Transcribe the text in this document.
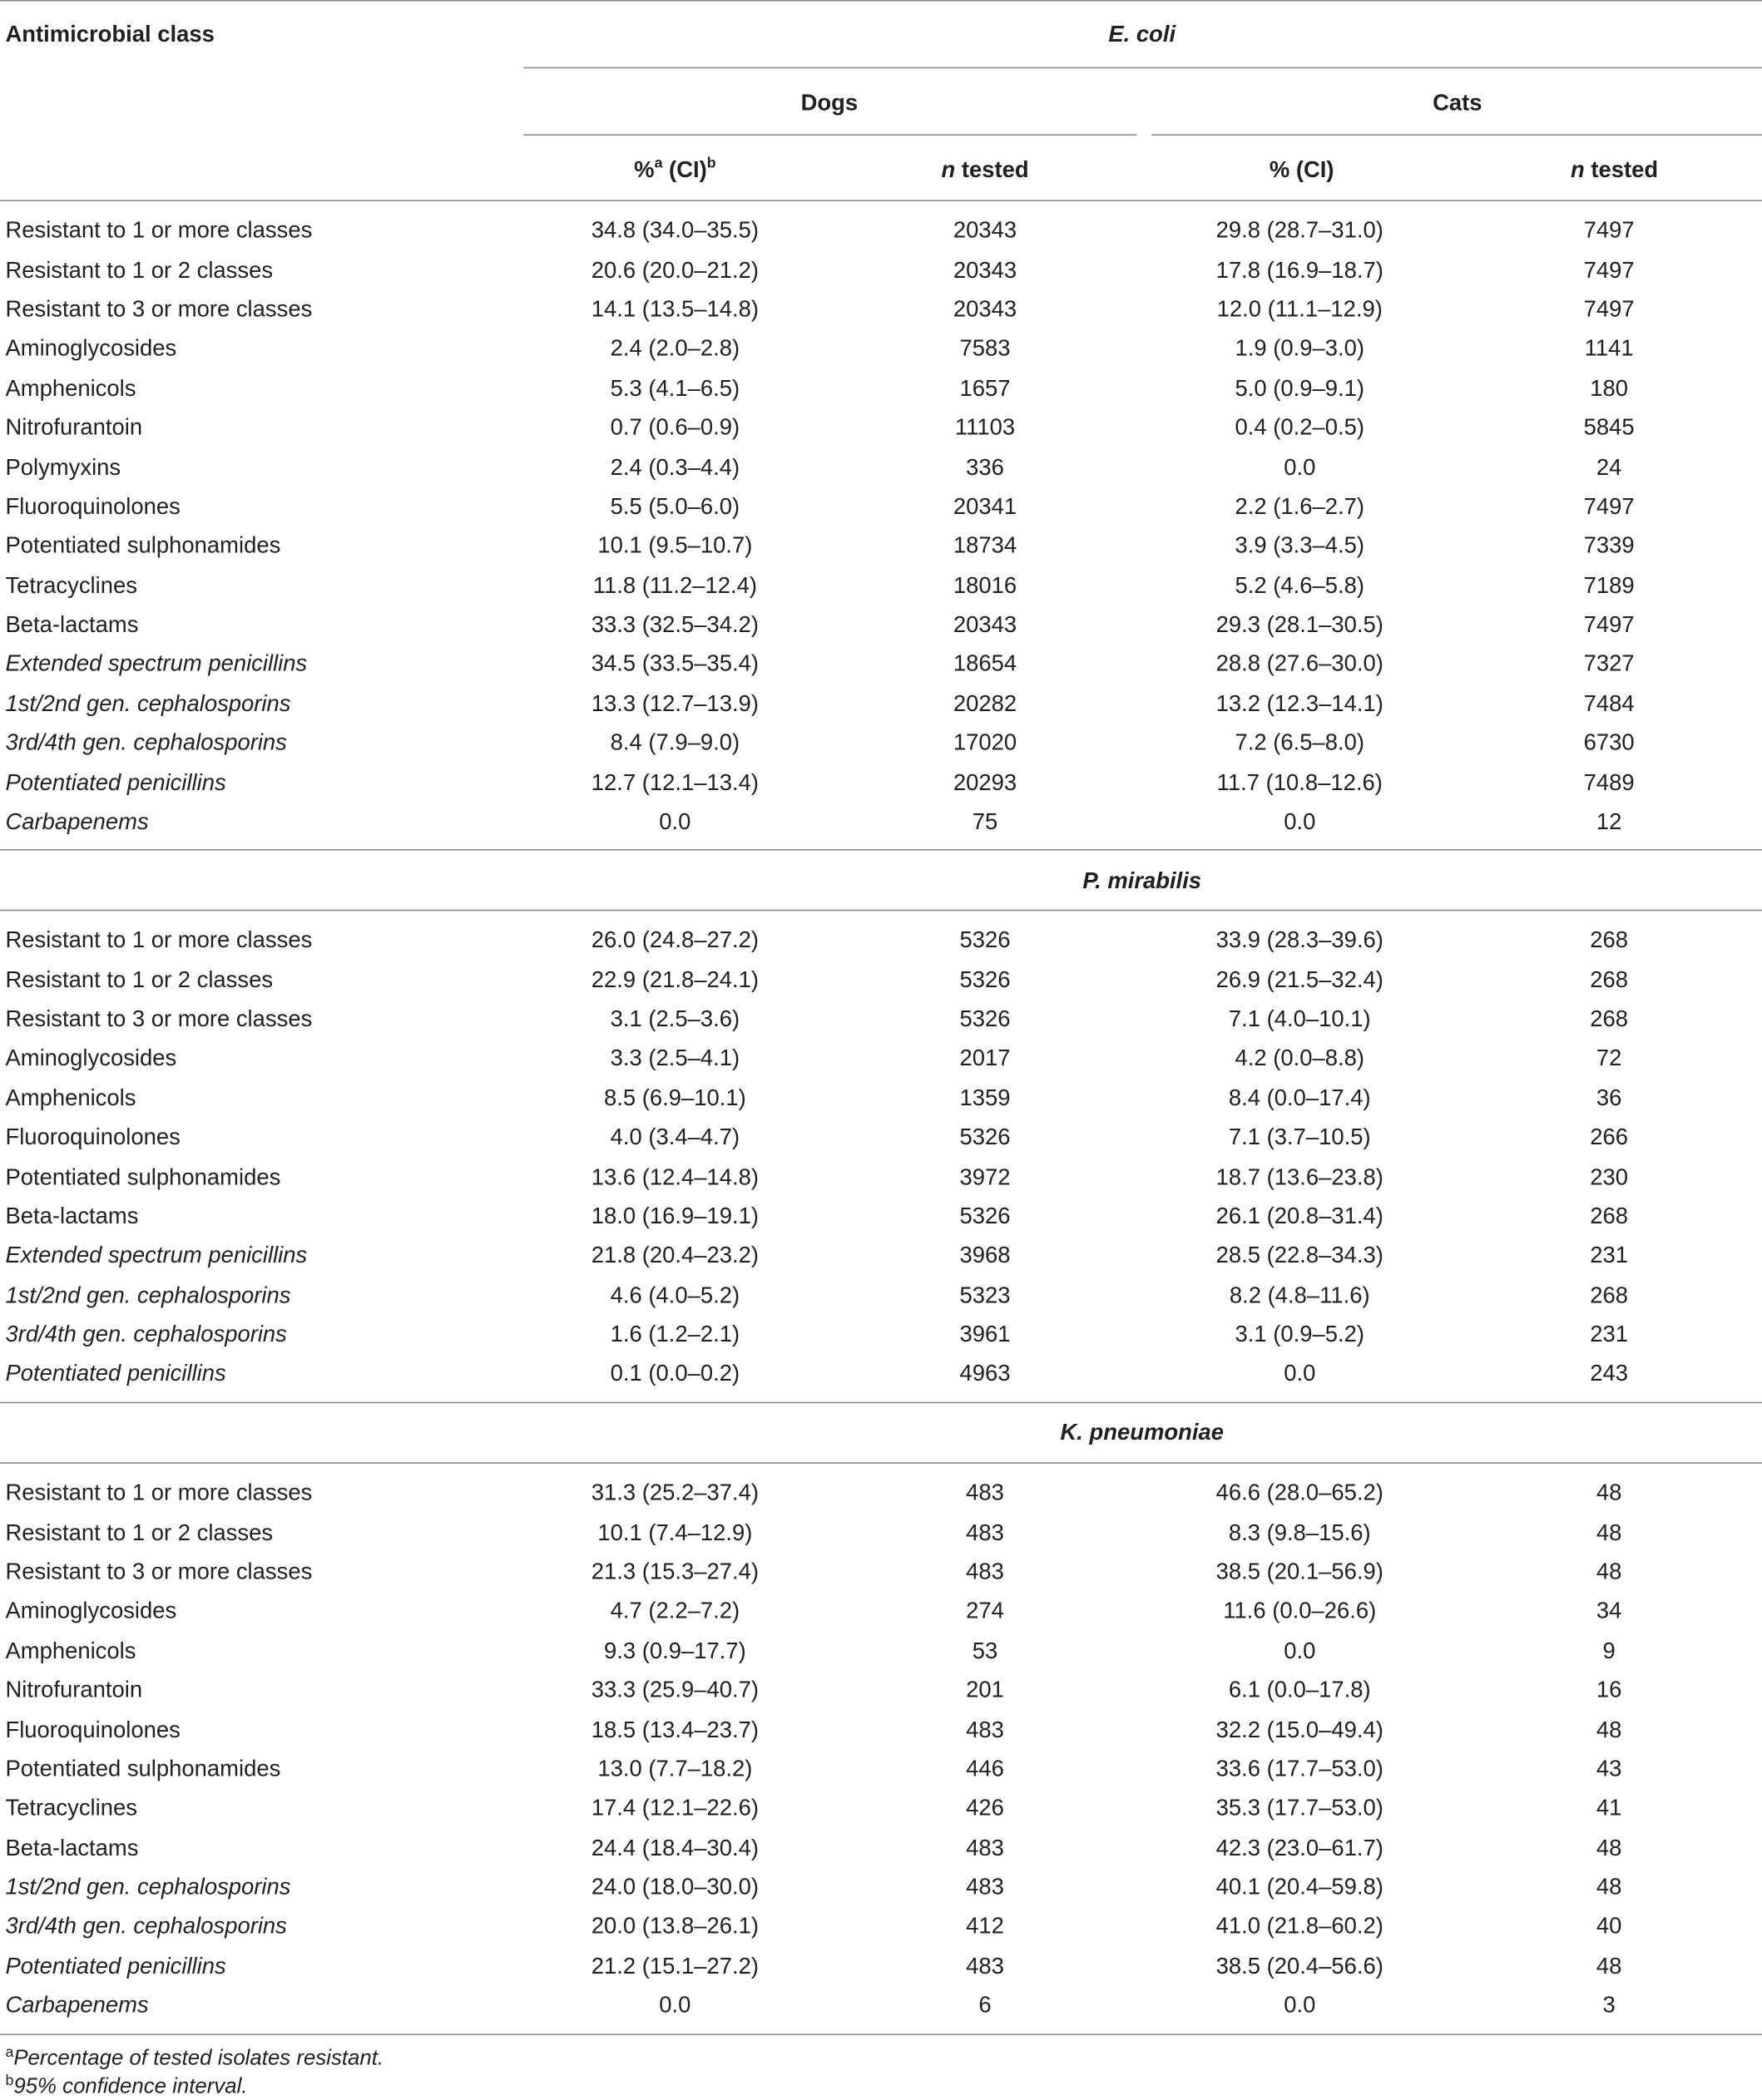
Antimicrobial class	E. coli
Dogs	Cats
%$^a$ (CI)$^b$	n tested	% (CI)	n tested
Resistant to 1 or more classes	34.8 (34.0–35.5)	20343	29.8 (28.7–31.0)	7497
Resistant to 1 or 2 classes	20.6 (20.0–21.2)	20343	17.8 (16.9–18.7)	7497
Resistant to 3 or more classes	14.1 (13.5–14.8)	20343	12.0 (11.1–12.9)	7497
Aminoglycosides	2.4 (2.0–2.8)	7583	1.9 (0.9–3.0)	1141
Amphenicols	5.3 (4.1–6.5)	1657	5.0 (0.9–9.1)	180
Nitrofurantoin	0.7 (0.6–0.9)	11103	0.4 (0.2–0.5)	5845
Polymyxins	2.4 (0.3–4.4)	336	0.0	24
Fluoroquinolones	5.5 (5.0–6.0)	20341	2.2 (1.6–2.7)	7497
Potentiated sulphonamides	10.1 (9.5–10.7)	18734	3.9 (3.3–4.5)	7339
Tetracyclines	11.8 (11.2–12.4)	18016	5.2 (4.6–5.8)	7189
Beta-lactams	33.3 (32.5–34.2)	20343	29.3 (28.1–30.5)	7497
Extended spectrum penicillins	34.5 (33.5–35.4)	18654	28.8 (27.6–30.0)	7327
1st/2nd gen. cephalosporins	13.3 (12.7–13.9)	20282	13.2 (12.3–14.1)	7484
3rd/4th gen. cephalosporins	8.4 (7.9–9.0)	17020	7.2 (6.5–8.0)	6730
Potentiated penicillins	12.7 (12.1–13.4)	20293	11.7 (10.8–12.6)	7489
Carbapenems	0.0	75	0.0	12
P. mirabilis
Resistant to 1 or more classes	26.0 (24.8–27.2)	5326	33.9 (28.3–39.6)	268
Resistant to 1 or 2 classes	22.9 (21.8–24.1)	5326	26.9 (21.5–32.4)	268
Resistant to 3 or more classes	3.1 (2.5–3.6)	5326	7.1 (4.0–10.1)	268
Aminoglycosides	3.3 (2.5–4.1)	2017	4.2 (0.0–8.8)	72
Amphenicols	8.5 (6.9–10.1)	1359	8.4 (0.0–17.4)	36
Fluoroquinolones	4.0 (3.4–4.7)	5326	7.1 (3.7–10.5)	266
Potentiated sulphonamides	13.6 (12.4–14.8)	3972	18.7 (13.6–23.8)	230
Beta-lactams	18.0 (16.9–19.1)	5326	26.1 (20.8–31.4)	268
Extended spectrum penicillins	21.8 (20.4–23.2)	3968	28.5 (22.8–34.3)	231
1st/2nd gen. cephalosporins	4.6 (4.0–5.2)	5323	8.2 (4.8–11.6)	268
3rd/4th gen. cephalosporins	1.6 (1.2–2.1)	3961	3.1 (0.9–5.2)	231
Potentiated penicillins	0.1 (0.0–0.2)	4963	0.0	243
K. pneumoniae
Resistant to 1 or more classes	31.3 (25.2–37.4)	483	46.6 (28.0–65.2)	48
Resistant to 1 or 2 classes	10.1 (7.4–12.9)	483	8.3 (9.8–15.6)	48
Resistant to 3 or more classes	21.3 (15.3–27.4)	483	38.5 (20.1–56.9)	48
Aminoglycosides	4.7 (2.2–7.2)	274	11.6 (0.0–26.6)	34
Amphenicols	9.3 (0.9–17.7)	53	0.0	9
Nitrofurantoin	33.3 (25.9–40.7)	201	6.1 (0.0–17.8)	16
Fluoroquinolones	18.5 (13.4–23.7)	483	32.2 (15.0–49.4)	48
Potentiated sulphonamides	13.0 (7.7–18.2)	446	33.6 (17.7–53.0)	43
Tetracyclines	17.4 (12.1–22.6)	426	35.3 (17.7–53.0)	41
Beta-lactams	24.4 (18.4–30.4)	483	42.3 (23.0–61.7)	48
1st/2nd gen. cephalosporins	24.0 (18.0–30.0)	483	40.1 (20.4–59.8)	48
3rd/4th gen. cephalosporins	20.0 (13.8–26.1)	412	41.0 (21.8–60.2)	40
Potentiated penicillins	21.2 (15.1–27.2)	483	38.5 (20.4–56.6)	48
Carbapenems	0.0	6	0.0	3
$^a$Percentage of tested isolates resistant.
$^b$95% confidence interval.
